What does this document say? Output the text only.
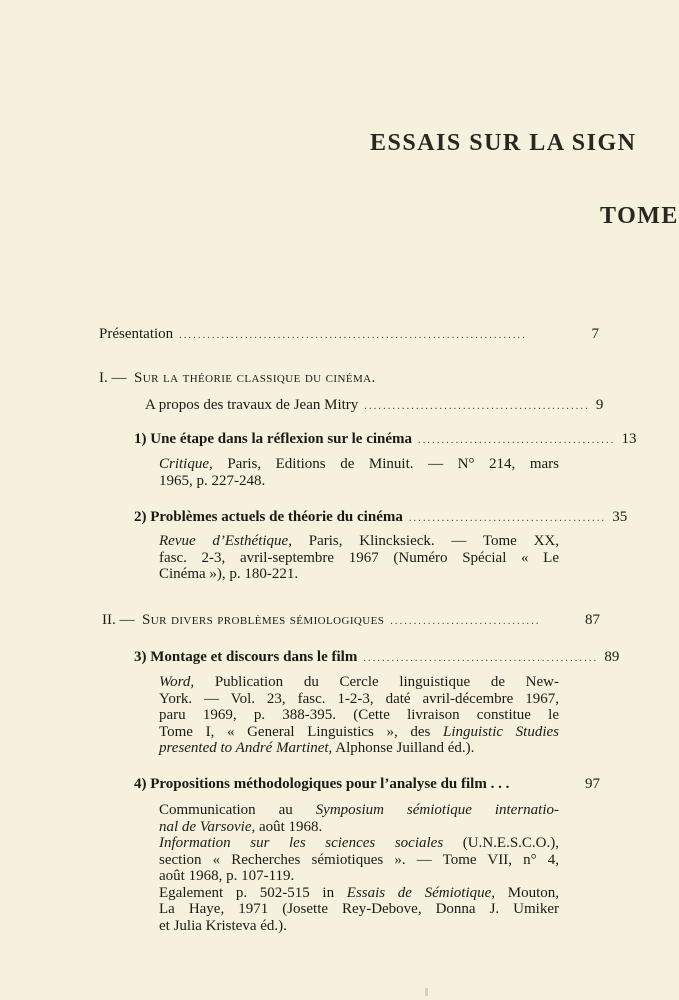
ESSAIS SUR LA SIGN
TOME
Présentation ..........................................................................	7
I. —
Sur la théorie classique du cinéma.
A propos des travaux de Jean Mitry ................................................ 9
1) Une étape dans la réflexion sur le cinéma .......................................... 13
Critique, Paris, Editions de Minuit. — N° 214, mars
1965, p. 227-248.
2) Problèmes actuels de théorie du cinéma .......................................... 35
Revue d’Esthétique, Paris, Klincksieck. — Tome XX,
fasc. 2-3, avril-septembre 1967 (Numéro Spécial « Le
Cinéma »), p. 180-221.
II. —
Sur divers problèmes sémiologiques ................................	87
3) Montage et discours dans le film .................................................. 89
Word, Publication du Cercle linguistique de New-
York. — Vol. 23, fasc. 1-2-3, daté avril-décembre 1967,
paru 1969, p. 388-395. (Cette livraison constitue le
Tome I, « General Linguistics », des Linguistic Studies
presented to André Martinet, Alphonse Juilland éd.).
4) Propositions méthodologiques pour l’analyse du film . . .	97
Communication au Symposium sémiotique internatio-
nal de Varsovie, août 1968.
Information sur les sciences sociales (U.N.E.S.C.O.),
section « Recherches sémiotiques ». — Tome VII, n° 4,
août 1968, p. 107-119.
Egalement p. 502-515 in Essais de Sémiotique, Mouton,
La Haye, 1971 (Josette Rey-Debove, Donna J. Umiker
et Julia Kristeva éd.).
